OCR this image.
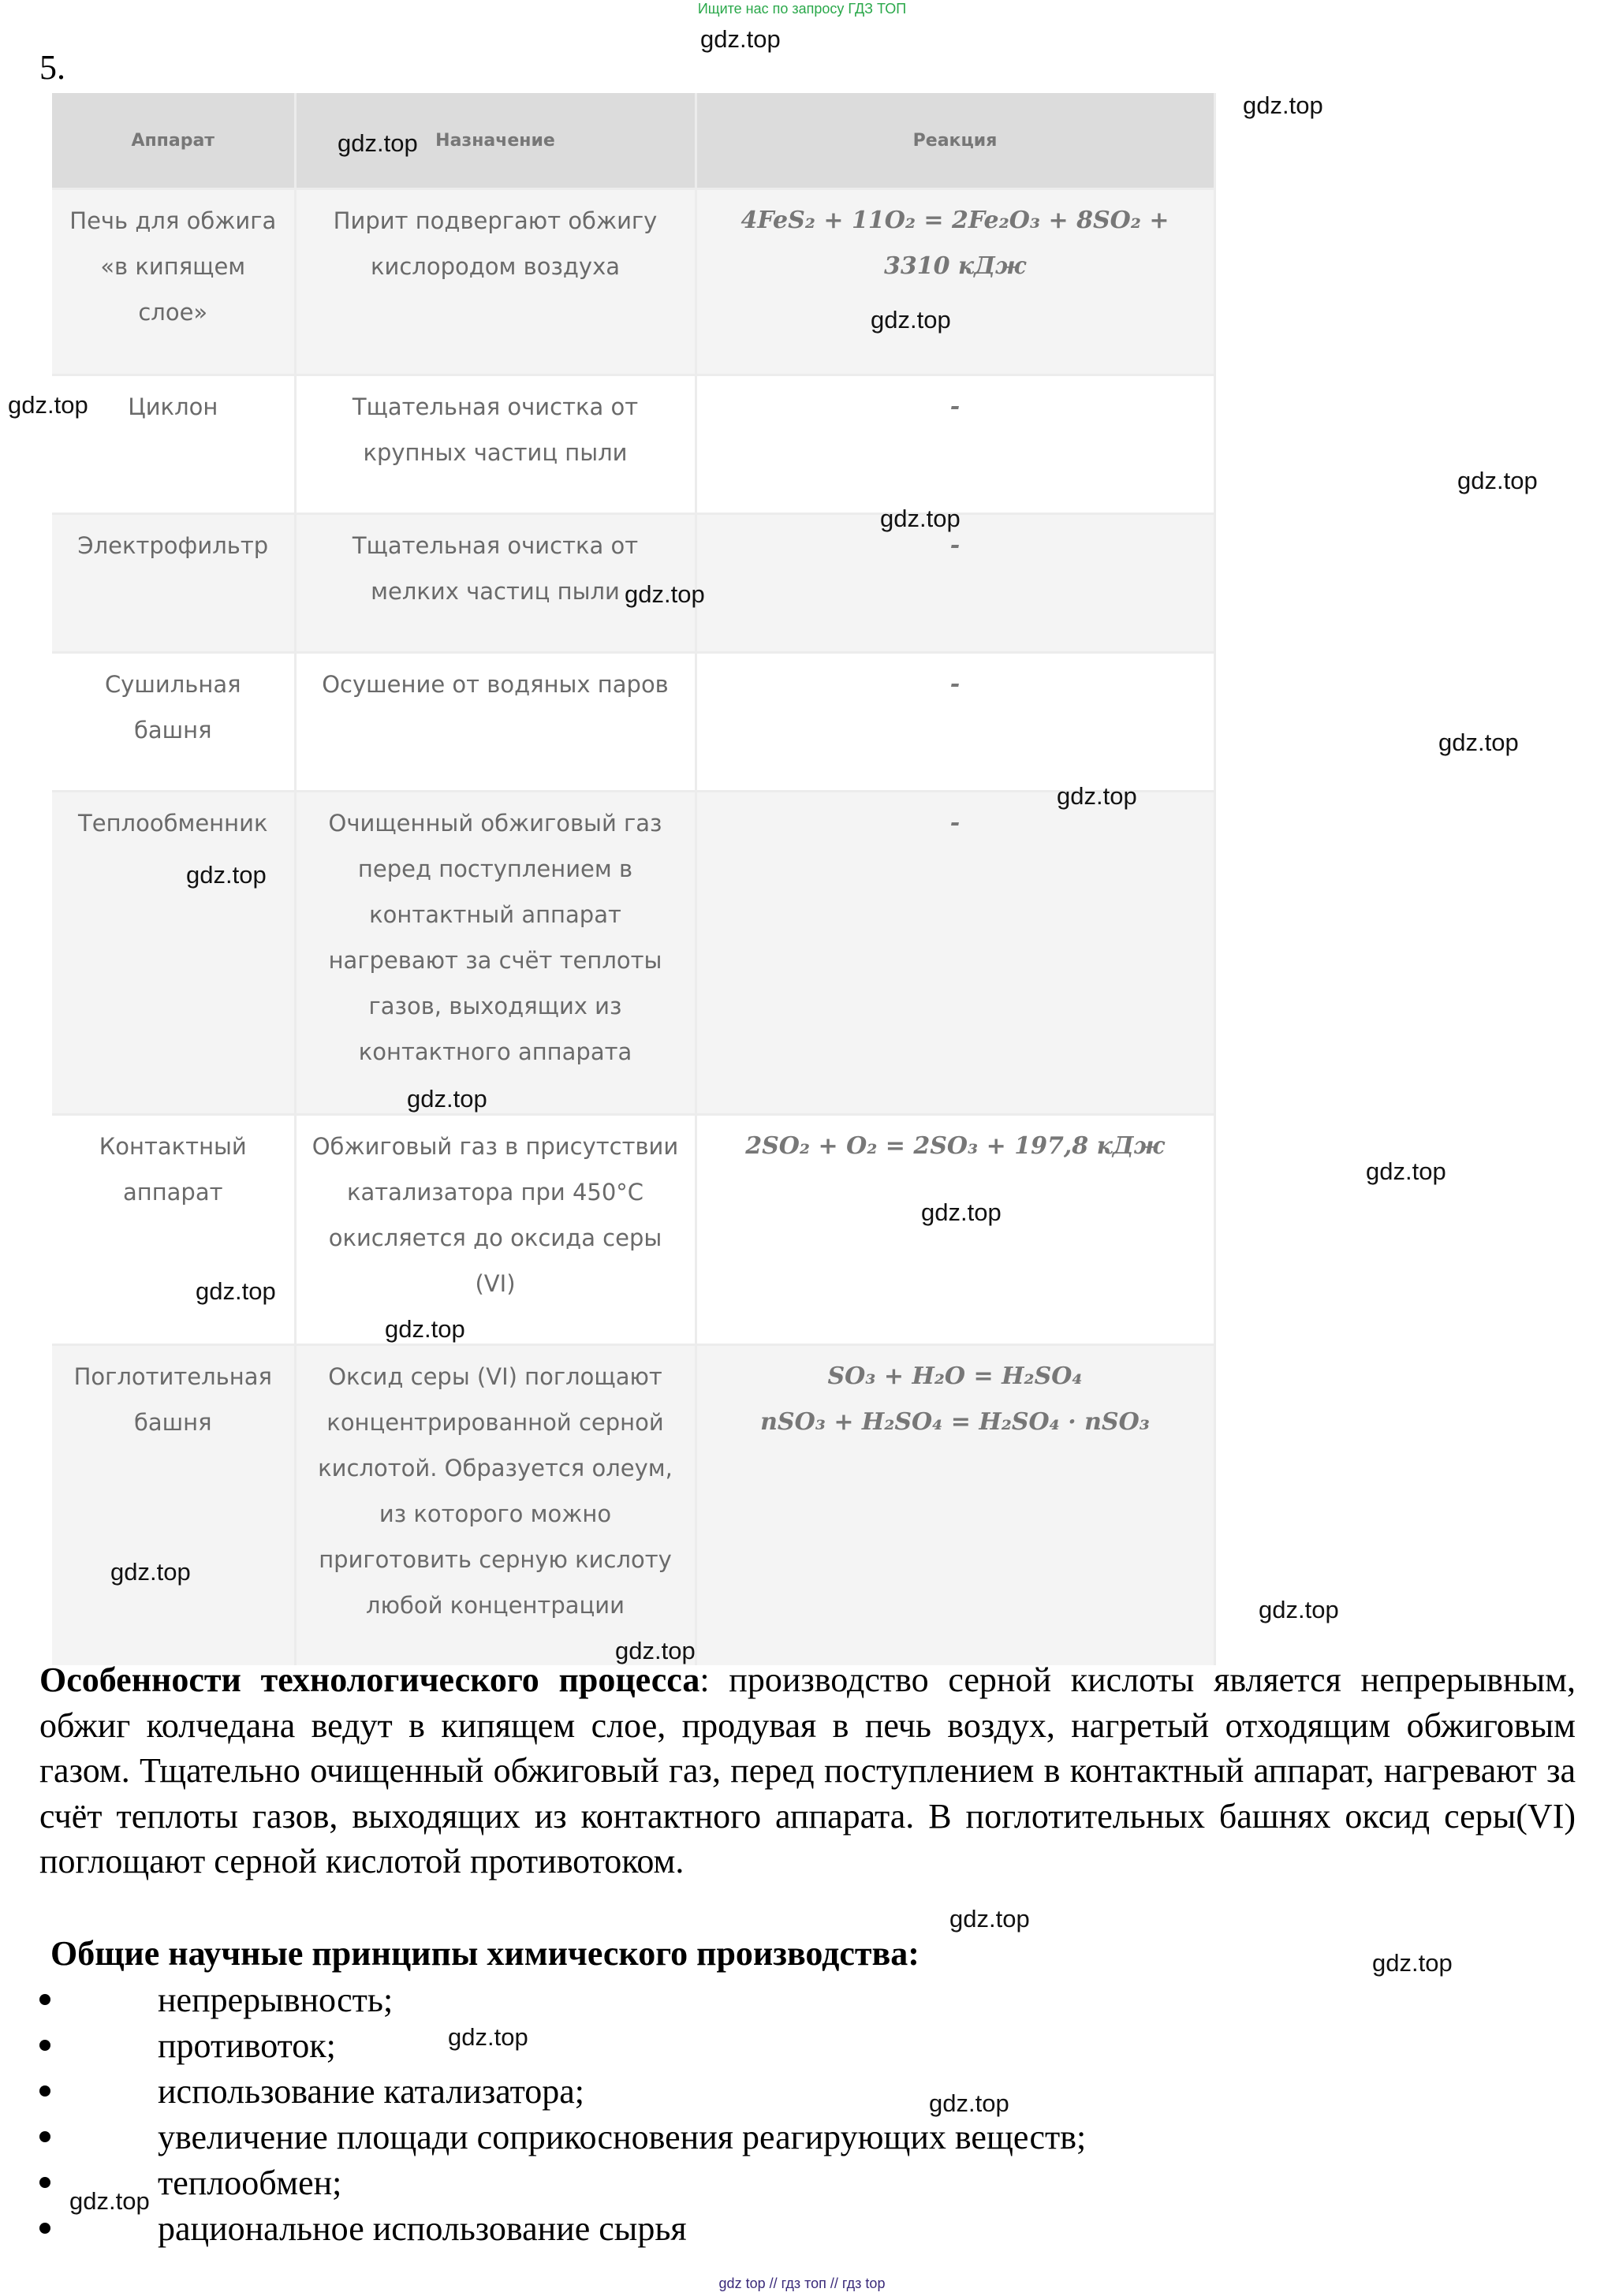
Ищите нас по запросу ГДЗ ТОП
5.
Аппарат	Назначение	Реакция
Печь для обжига «в кипящем слое»	Пирит подвергают обжигу кислородом воздуха	4FeS₂ + 11O₂ = 2Fe₂O₃ + 8SO₂ + 3310 кДж
Циклон	Тщательная очистка от крупных частиц пыли	-
Электрофильтр	Тщательная очистка от мелких частиц пыли	-
Сушильная башня	Осушение от водяных паров	-
Теплообменник	Очищенный обжиговый газ перед поступлением в контактный аппарат нагревают за счёт теплоты газов, выходящих из контактного аппарата	-
Контактный аппарат	Обжиговый газ в присутствии катализатора при 450°C окисляется до оксида серы (VI)	2SO₂ + O₂ = 2SO₃ + 197,8 кДж
Поглотительная башня	Оксид серы (VI) поглощают концентрированной серной кислотой. Образуется олеум, из которого можно приготовить серную кислоту любой концентрации	SO₃ + H₂O = H₂SO₄
nSO₃ + H₂SO₄ = H₂SO₄ · nSO₃
Особенности технологического процесса: производство серной кислоты является непрерывным, обжиг колчедана ведут в кипящем слое, продувая в печь воздух, нагретый отходящим обжиговым газом. Тщательно очищенный обжиговый газ, перед поступлением в контактный аппарат, нагревают за счёт теплоты газов, выходящих из контактного аппарата. В поглотительных башнях оксид серы(VI) поглощают серной кислотой противотоком.
Общие научные принципы химического производства:
непрерывность;
противоток;
использование катализатора;
увеличение площади соприкосновения реагирующих веществ;
теплообмен;
рациональное использование сырья
gdz.top
gdz.top
gdz.top
gdz.top
gdz.top
gdz.top
gdz.top
gdz.top
gdz.top
gdz.top
gdz.top
gdz.top
gdz.top
gdz.top
gdz.top
gdz.top
gdz.top
gdz.top
gdz.top
gdz.top
gdz.top
gdz.top
gdz.top
gdz.top
gdz top // гдз топ // гдз top
